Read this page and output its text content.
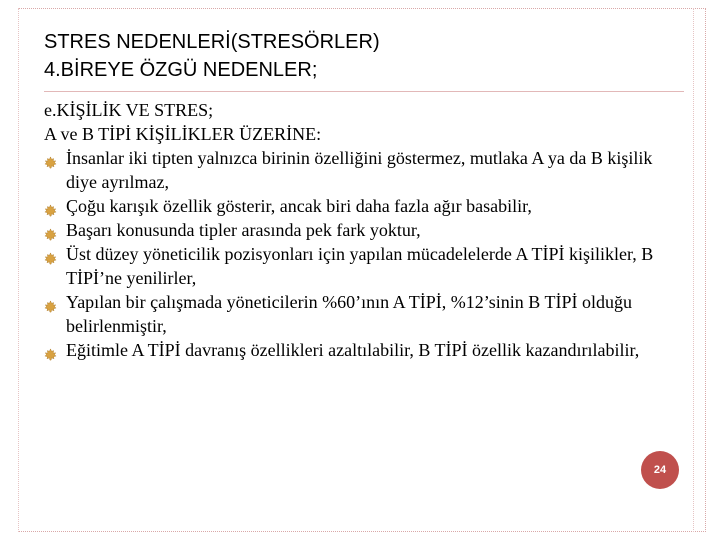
STRES NEDENLERİ(STRESÖRLER)

4.BİREYE ÖZGÜ NEDENLER;

e.KİŞİLİK VE STRES;

A ve B TİPİ KİŞİLİKLER ÜZERİNE:

İnsanlar iki tipten yalnızca birinin özelliğini göstermez, mutlaka A ya da B kişilik diye ayrılmaz,
Çoğu karışık özellik gösterir, ancak biri daha fazla ağır basabilir,
Başarı konusunda tipler arasında pek fark yoktur,
Üst düzey yöneticilik pozisyonları için yapılan mücadelelerde A TİPİ kişilikler, B TİPİ’ne yenilirler,
Yapılan bir çalışmada yöneticilerin %60’ının A TİPİ, %12’sinin B TİPİ olduğu belirlenmiştir,
Eğitimle A TİPİ davranış özellikleri azaltılabilir, B TİPİ özellik kazandırılabilir,
24
